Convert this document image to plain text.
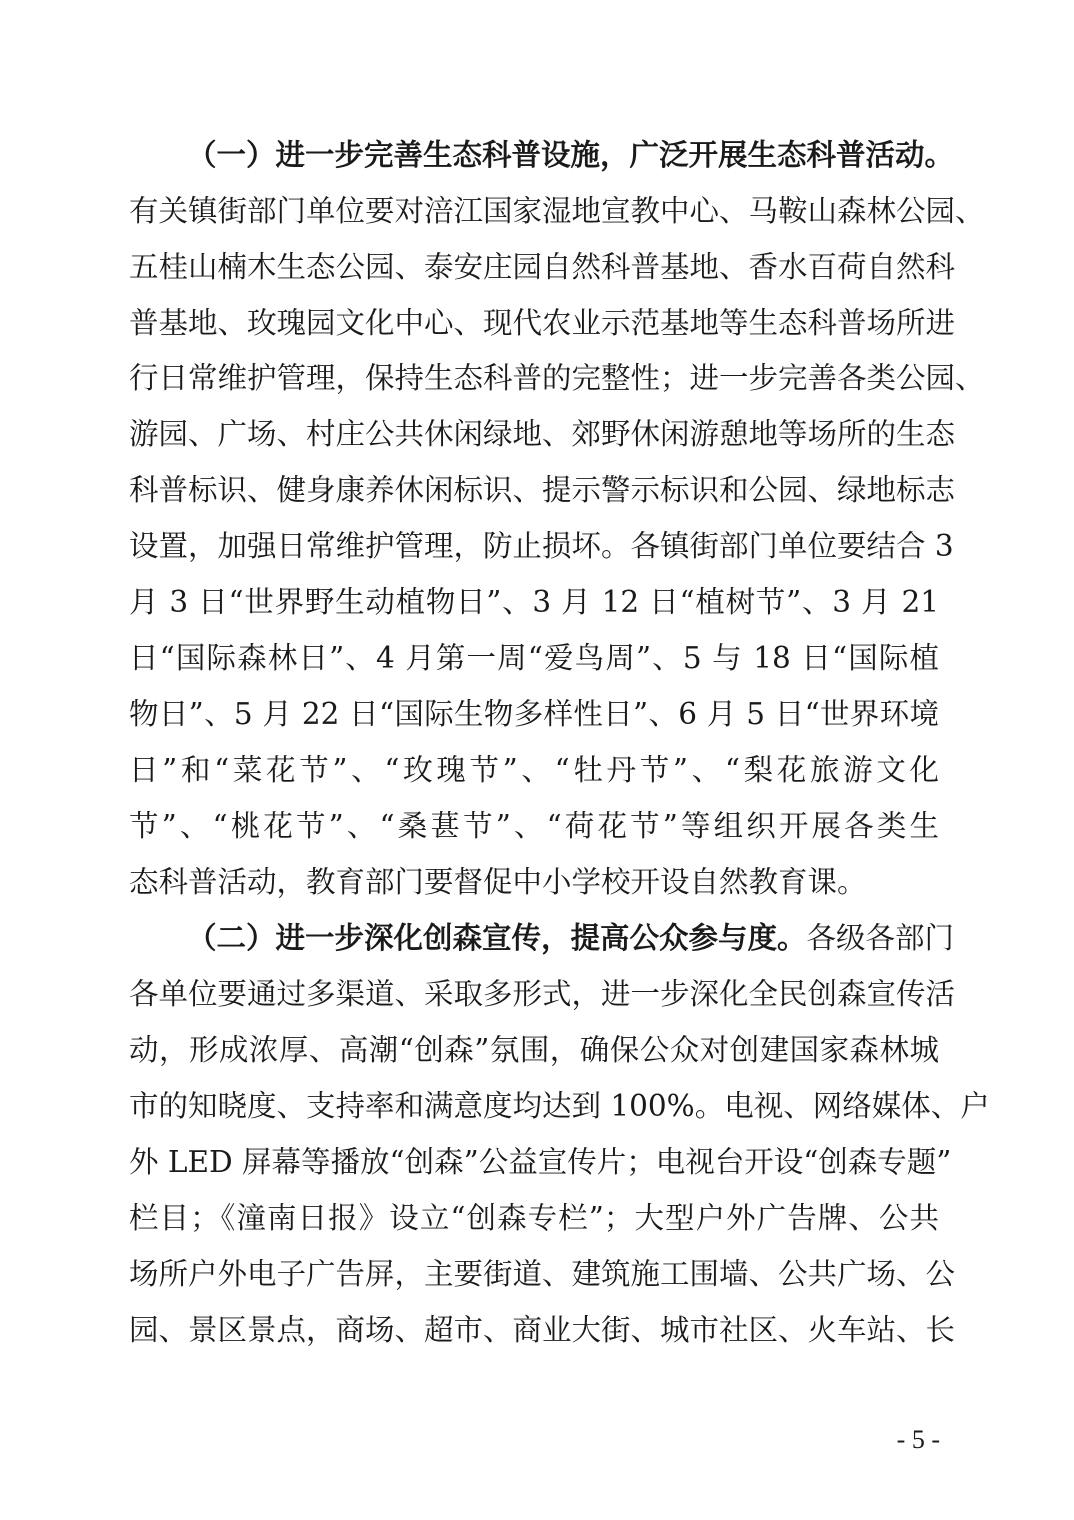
（一）进一步完善生态科普设施，广泛开展生态科普活动。
有关镇街部门单位要对涪江国家湿地宣教中心、马鞍山森林公园、
五桂山楠木生态公园、泰安庄园自然科普基地、香水百荷自然科
普基地、玫瑰园文化中心、现代农业示范基地等生态科普场所进
行日常维护管理，保持生态科普的完整性；进一步完善各类公园、
游园、广场、村庄公共休闲绿地、郊野休闲游憩地等场所的生态
科普标识、健身康养休闲标识、提示警示标识和公园、绿地标志
设置，加强日常维护管理，防止损坏。各镇街部门单位要结合 3
月 3 日“世界野生动植物日”、3 月 12 日“植树节”、3 月 21
日“国际森林日”、4 月第一周“爱鸟周”、5 与 18 日“国际植
物日”、5 月 22 日“国际生物多样性日”、6 月 5 日“世界环境
日”和“菜花节”、“玫瑰节”、“牡丹节”、“梨花旅游文化
节”、“桃花节”、“桑葚节”、“荷花节”等组织开展各类生
态科普活动，教育部门要督促中小学校开设自然教育课。
（二）进一步深化创森宣传，提高公众参与度。各级各部门
各单位要通过多渠道、采取多形式，进一步深化全民创森宣传活
动，形成浓厚、高潮“创森”氛围，确保公众对创建国家森林城
市的知晓度、支持率和满意度均达到 100%。电视、网络媒体、户
外 LED 屏幕等播放“创森”公益宣传片；电视台开设“创森专题”
栏目；《潼南日报》设立“创森专栏”；大型户外广告牌、公共
场所户外电子广告屏，主要街道、建筑施工围墙、公共广场、公
园、景区景点，商场、超市、商业大街、城市社区、火车站、长
- 5 -
